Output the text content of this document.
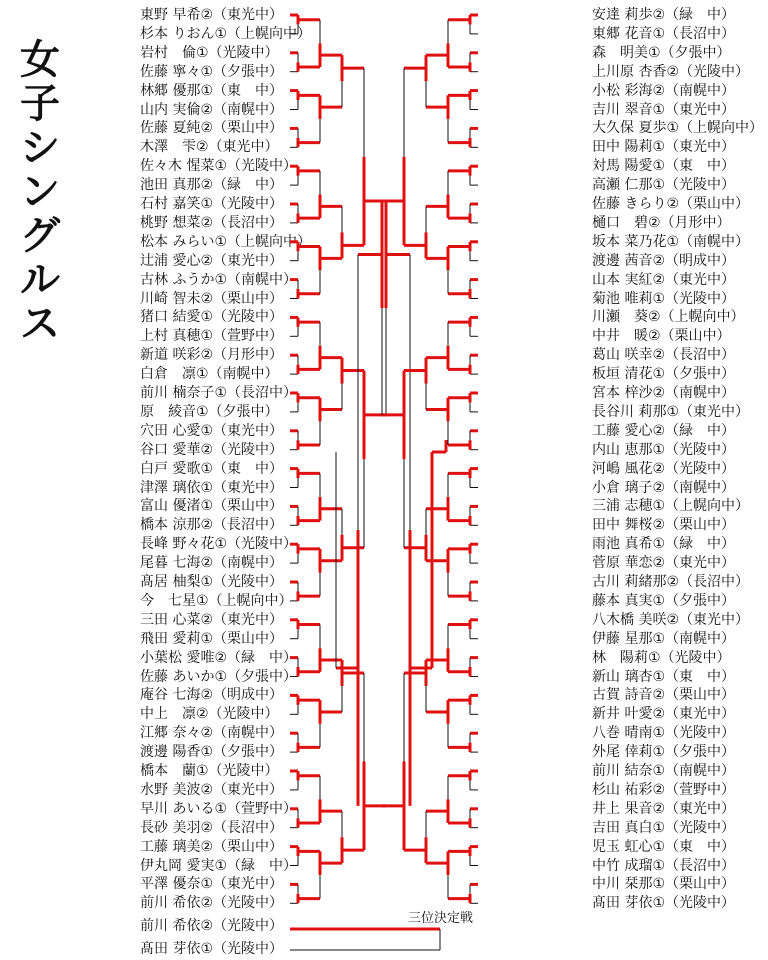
女子シングルス
東野 早希②（東光中）
杉本 りおん①（上幌向中）
岩村　倫①（光陵中）
佐藤 寧々①（夕張中）
林郷 優那①（東　中）
山内 実倫②（南幌中）
佐藤 夏純②（栗山中）
木澤　雫②（東光中）
佐々木 惺菜①（光陵中）
池田 真那②（緑　中）
石村 嘉笑①（光陵中）
桃野 想菜②（長沼中）
松本 みらい①（上幌向中）
辻浦 愛心②（東光中）
古林 ふうか①（南幌中）
川崎 智未②（栗山中）
猪口 結愛①（光陵中）
上村 真穂①（萱野中）
新道 咲彩②（月形中）
白倉　凛①（南幌中）
前川 楠奈子①（長沼中）
原　綾音①（夕張中）
穴田 心愛①（東光中）
谷口 愛華②（光陵中）
白戸 愛歌①（東　中）
津澤 璃依①（東光中）
富山 優渚①（栗山中）
橋本 涼那②（長沼中）
長峰 野々花①（光陵中）
尾暮 七海②（南幌中）
髙居 柚梨①（光陵中）
今　七星①（上幌向中）
三田 心菜②（東光中）
飛田 愛莉①（栗山中）
小葉松 愛唯②（緑　中）
佐藤 あいか①（夕張中）
庵谷 七海②（明成中）
中上　凛②（光陵中）
江郷 奈々②（南幌中）
渡邊 陽香①（夕張中）
橋本　蘭①（光陵中）
水野 美波②（東光中）
早川 あいる①（萱野中）
長砂 美羽②（長沼中）
工藤 璃美②（栗山中）
伊丸岡 愛実①（緑　中）
平澤 優奈①（東光中）
前川 希依②（光陵中）
安達 莉歩②（緑　中）
東郷 花音①（長沼中）
森　明美①（夕張中）
上川原 杏香②（光陵中）
小松 彩海②（南幌中）
吉川 翠音①（東光中）
大久保 夏歩①（上幌向中）
田中 陽莉①（東光中）
対馬 陽愛①（東　中）
高瀬 仁那①（光陵中）
佐藤 きらり②（栗山中）
樋口　碧②（月形中）
坂本 菜乃花①（南幌中）
渡邊 茜音②（明成中）
山本 実紅②（東光中）
菊池 唯莉①（光陵中）
川瀬　葵②（上幌向中）
中井　暖②（栗山中）
葛山 咲幸②（長沼中）
板垣 清花①（夕張中）
宮本 梓沙②（南幌中）
長谷川 莉那①（東光中）
工藤 愛心②（緑　中）
内山 恵那①（光陵中）
河嶋 風花②（光陵中）
小倉 璃子②（南幌中）
三浦 志穂①（上幌向中）
田中 舞桜②（栗山中）
雨池 真希①（緑　中）
菅原 華恋②（東光中）
古川 莉緒那②（長沼中）
藤本 真実①（夕張中）
八木橋 美咲②（東光中）
伊藤 星那①（南幌中）
林　陽莉①（光陵中）
新山 璃杏①（東　中）
古賀 詩音②（栗山中）
新井 叶愛②（東光中）
八巻 晴南①（光陵中）
外尾 倖莉①（夕張中）
前川 結奈①（南幌中）
杉山 祐彩②（萱野中）
井上 果音②（東光中）
吉田 真白①（光陵中）
児玉 虹心①（東　中）
中竹 成瑠①（長沼中）
中川 栞那①（栗山中）
髙田 芽依①（光陵中）
三位決定戦
前川 希依②（光陵中）
髙田 芽依①（光陵中）
